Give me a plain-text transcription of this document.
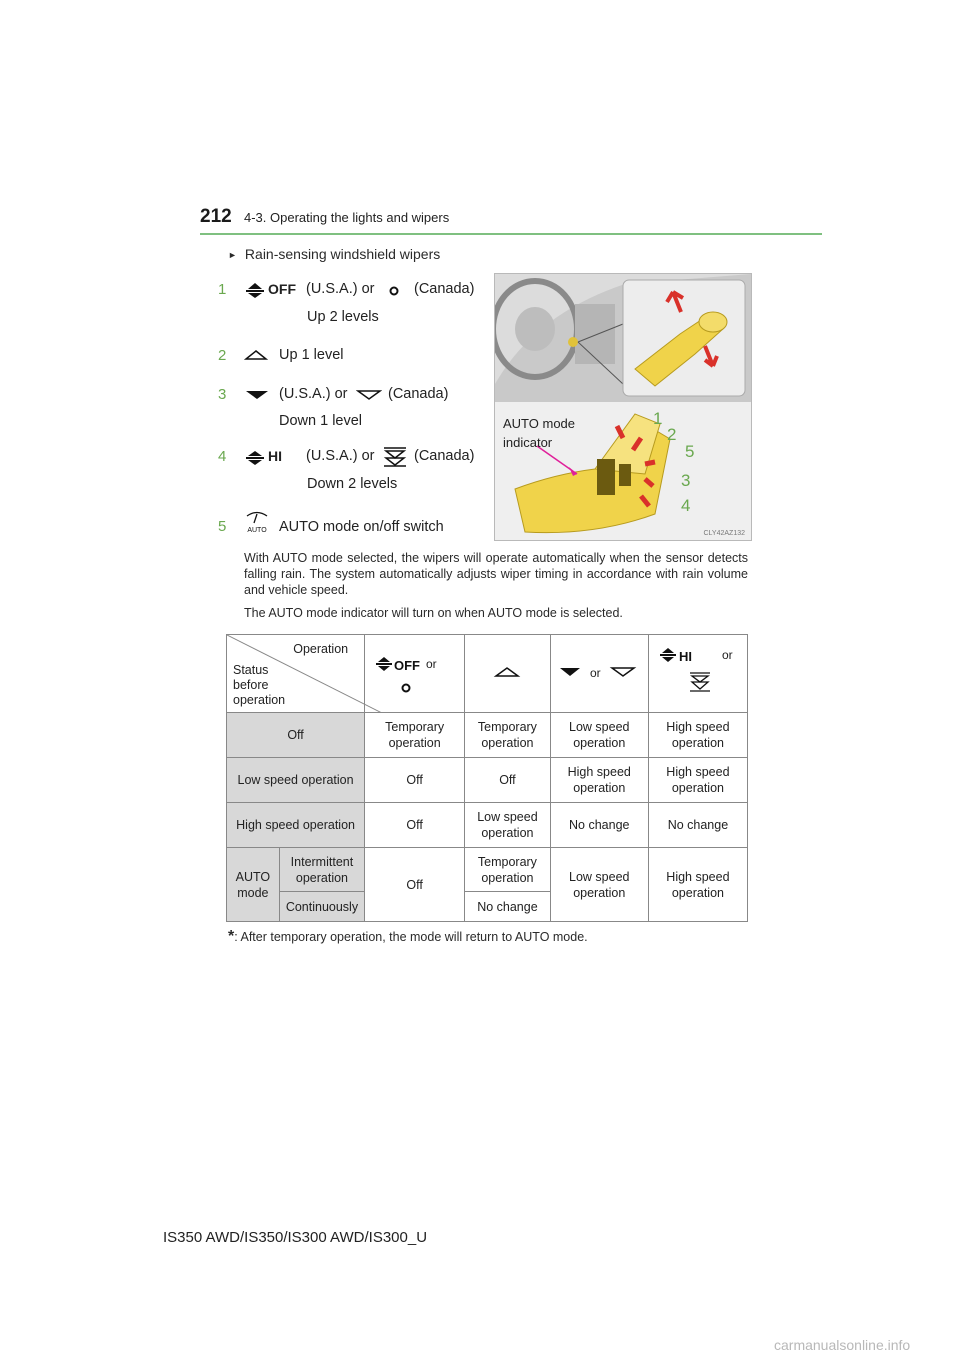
212 4-3. Operating the lights and wipers
► Rain-sensing windshield wipers
1	OFF (U.S.A.) or	(Canada)
Up 2 levels
2	Up 1 level
3	(U.S.A.) or	(Canada)
Down 1 level
4	HI (U.S.A.) or	(Canada)
Down 2 levels
5	AUTO AUTO mode on/off switch
1
2
5
3
4
AUTO mode
indicator
CLY42AZ132
With AUTO mode selected, the wipers will operate automatically when the sensor detects falling rain. The system automatically adjusts wiper timing in accordance with rain volume and vehicle speed.
The AUTO mode indicator will turn on when AUTO mode is selected.
Operation
Status
before
operation		OFF or		or	HI or

Off		Temporary operation	Temporary operation	Low speed operation	High speed operation
Low speed operation		Off	Off	High speed operation	High speed operation
High speed operation		Off	Low speed operation	No change	No change
AUTO mode	Intermittent operation	Off	Temporary operation	Low speed operation	High speed operation
	Continuously		No change		
*: After temporary operation, the mode will return to AUTO mode.
IS350 AWD/IS350/IS300 AWD/IS300_U
carmanualsonline.info
